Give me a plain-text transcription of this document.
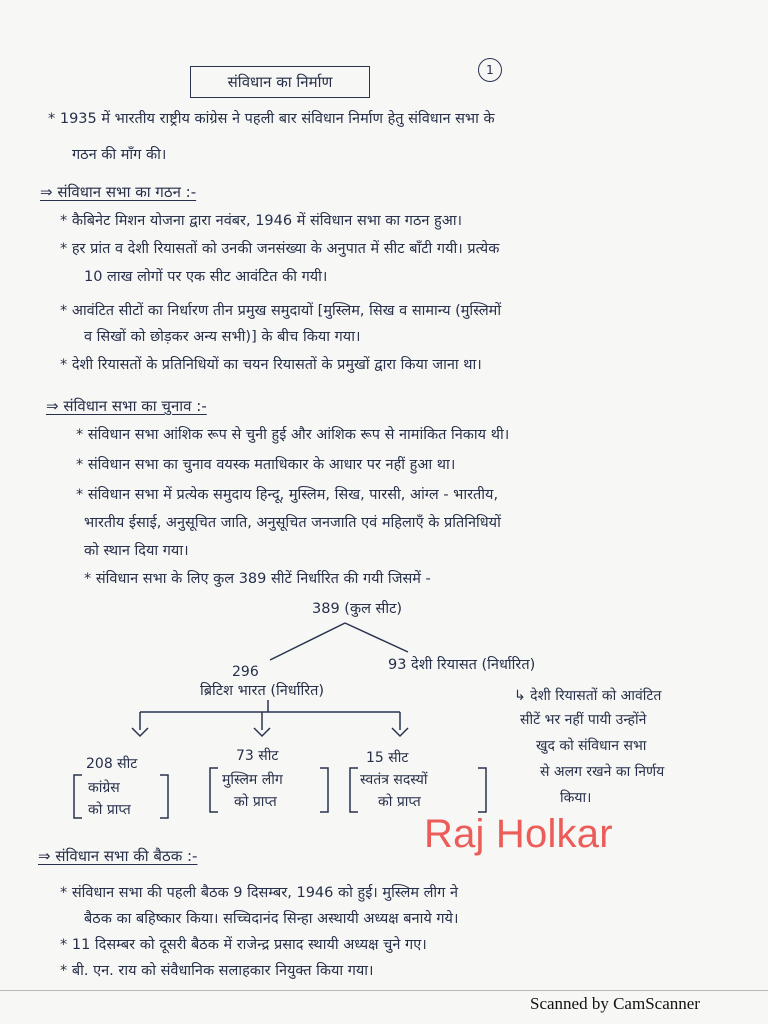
संविधान का निर्माण
1
* 1935 में भारतीय राष्ट्रीय कांग्रेस ने पहली बार संविधान निर्माण हेतु संविधान सभा के
गठन की माँग की।
⇒ संविधान सभा का गठन :-
* कैबिनेट मिशन योजना द्वारा नवंबर, 1946 में संविधान सभा का गठन हुआ।
* हर प्रांत व देशी रियासतों को उनकी जनसंख्या के अनुपात में सीट बाँटी गयी। प्रत्येक
10 लाख लोगों पर एक सीट आवंटित की गयी।
* आवंटित सीटों का निर्धारण तीन प्रमुख समुदायों [मुस्लिम, सिख व सामान्य (मुस्लिमों
व सिखों को छोड़कर अन्य सभी)] के बीच किया गया।
* देशी रियासतों के प्रतिनिधियों का चयन रियासतों के प्रमुखों द्वारा किया जाना था।
⇒ संविधान सभा का चुनाव :-
* संविधान सभा आंशिक रूप से चुनी हुई और आंशिक रूप से नामांकित निकाय थी।
* संविधान सभा का चुनाव वयस्क मताधिकार के आधार पर नहीं हुआ था।
* संविधान सभा में प्रत्येक समुदाय हिन्दू, मुस्लिम, सिख, पारसी, आंग्ल - भारतीय,
भारतीय ईसाई, अनुसूचित जाति, अनुसूचित जनजाति एवं महिलाएँ के प्रतिनिधियों
को स्थान दिया गया।
* संविधान सभा के लिए कुल 389 सीटें निर्धारित की गयी जिसमें -
389 (कुल सीट)
296
ब्रिटिश भारत (निर्धारित)
93 देशी रियासत (निर्धारित)
208 सीट
कांग्रेस
को प्राप्त
73 सीट
मुस्लिम लीग
को प्राप्त
15 सीट
स्वतंत्र सदस्यों
को प्राप्त
↳ देशी रियासतों को आवंटित
सीटें भर नहीं पायी उन्होंने
खुद को संविधान सभा
से अलग रखने का निर्णय
किया।
Raj Holkar
⇒ संविधान सभा की बैठक :-
* संविधान सभा की पहली बैठक 9 दिसम्बर, 1946 को हुई। मुस्लिम लीग ने
बैठक का बहिष्कार किया। सच्चिदानंद सिन्हा अस्थायी अध्यक्ष बनाये गये।
* 11 दिसम्बर को दूसरी बैठक में राजेन्द्र प्रसाद स्थायी अध्यक्ष चुने गए।
* बी. एन. राय को संवैधानिक सलाहकार नियुक्त किया गया।
Scanned by CamScanner
